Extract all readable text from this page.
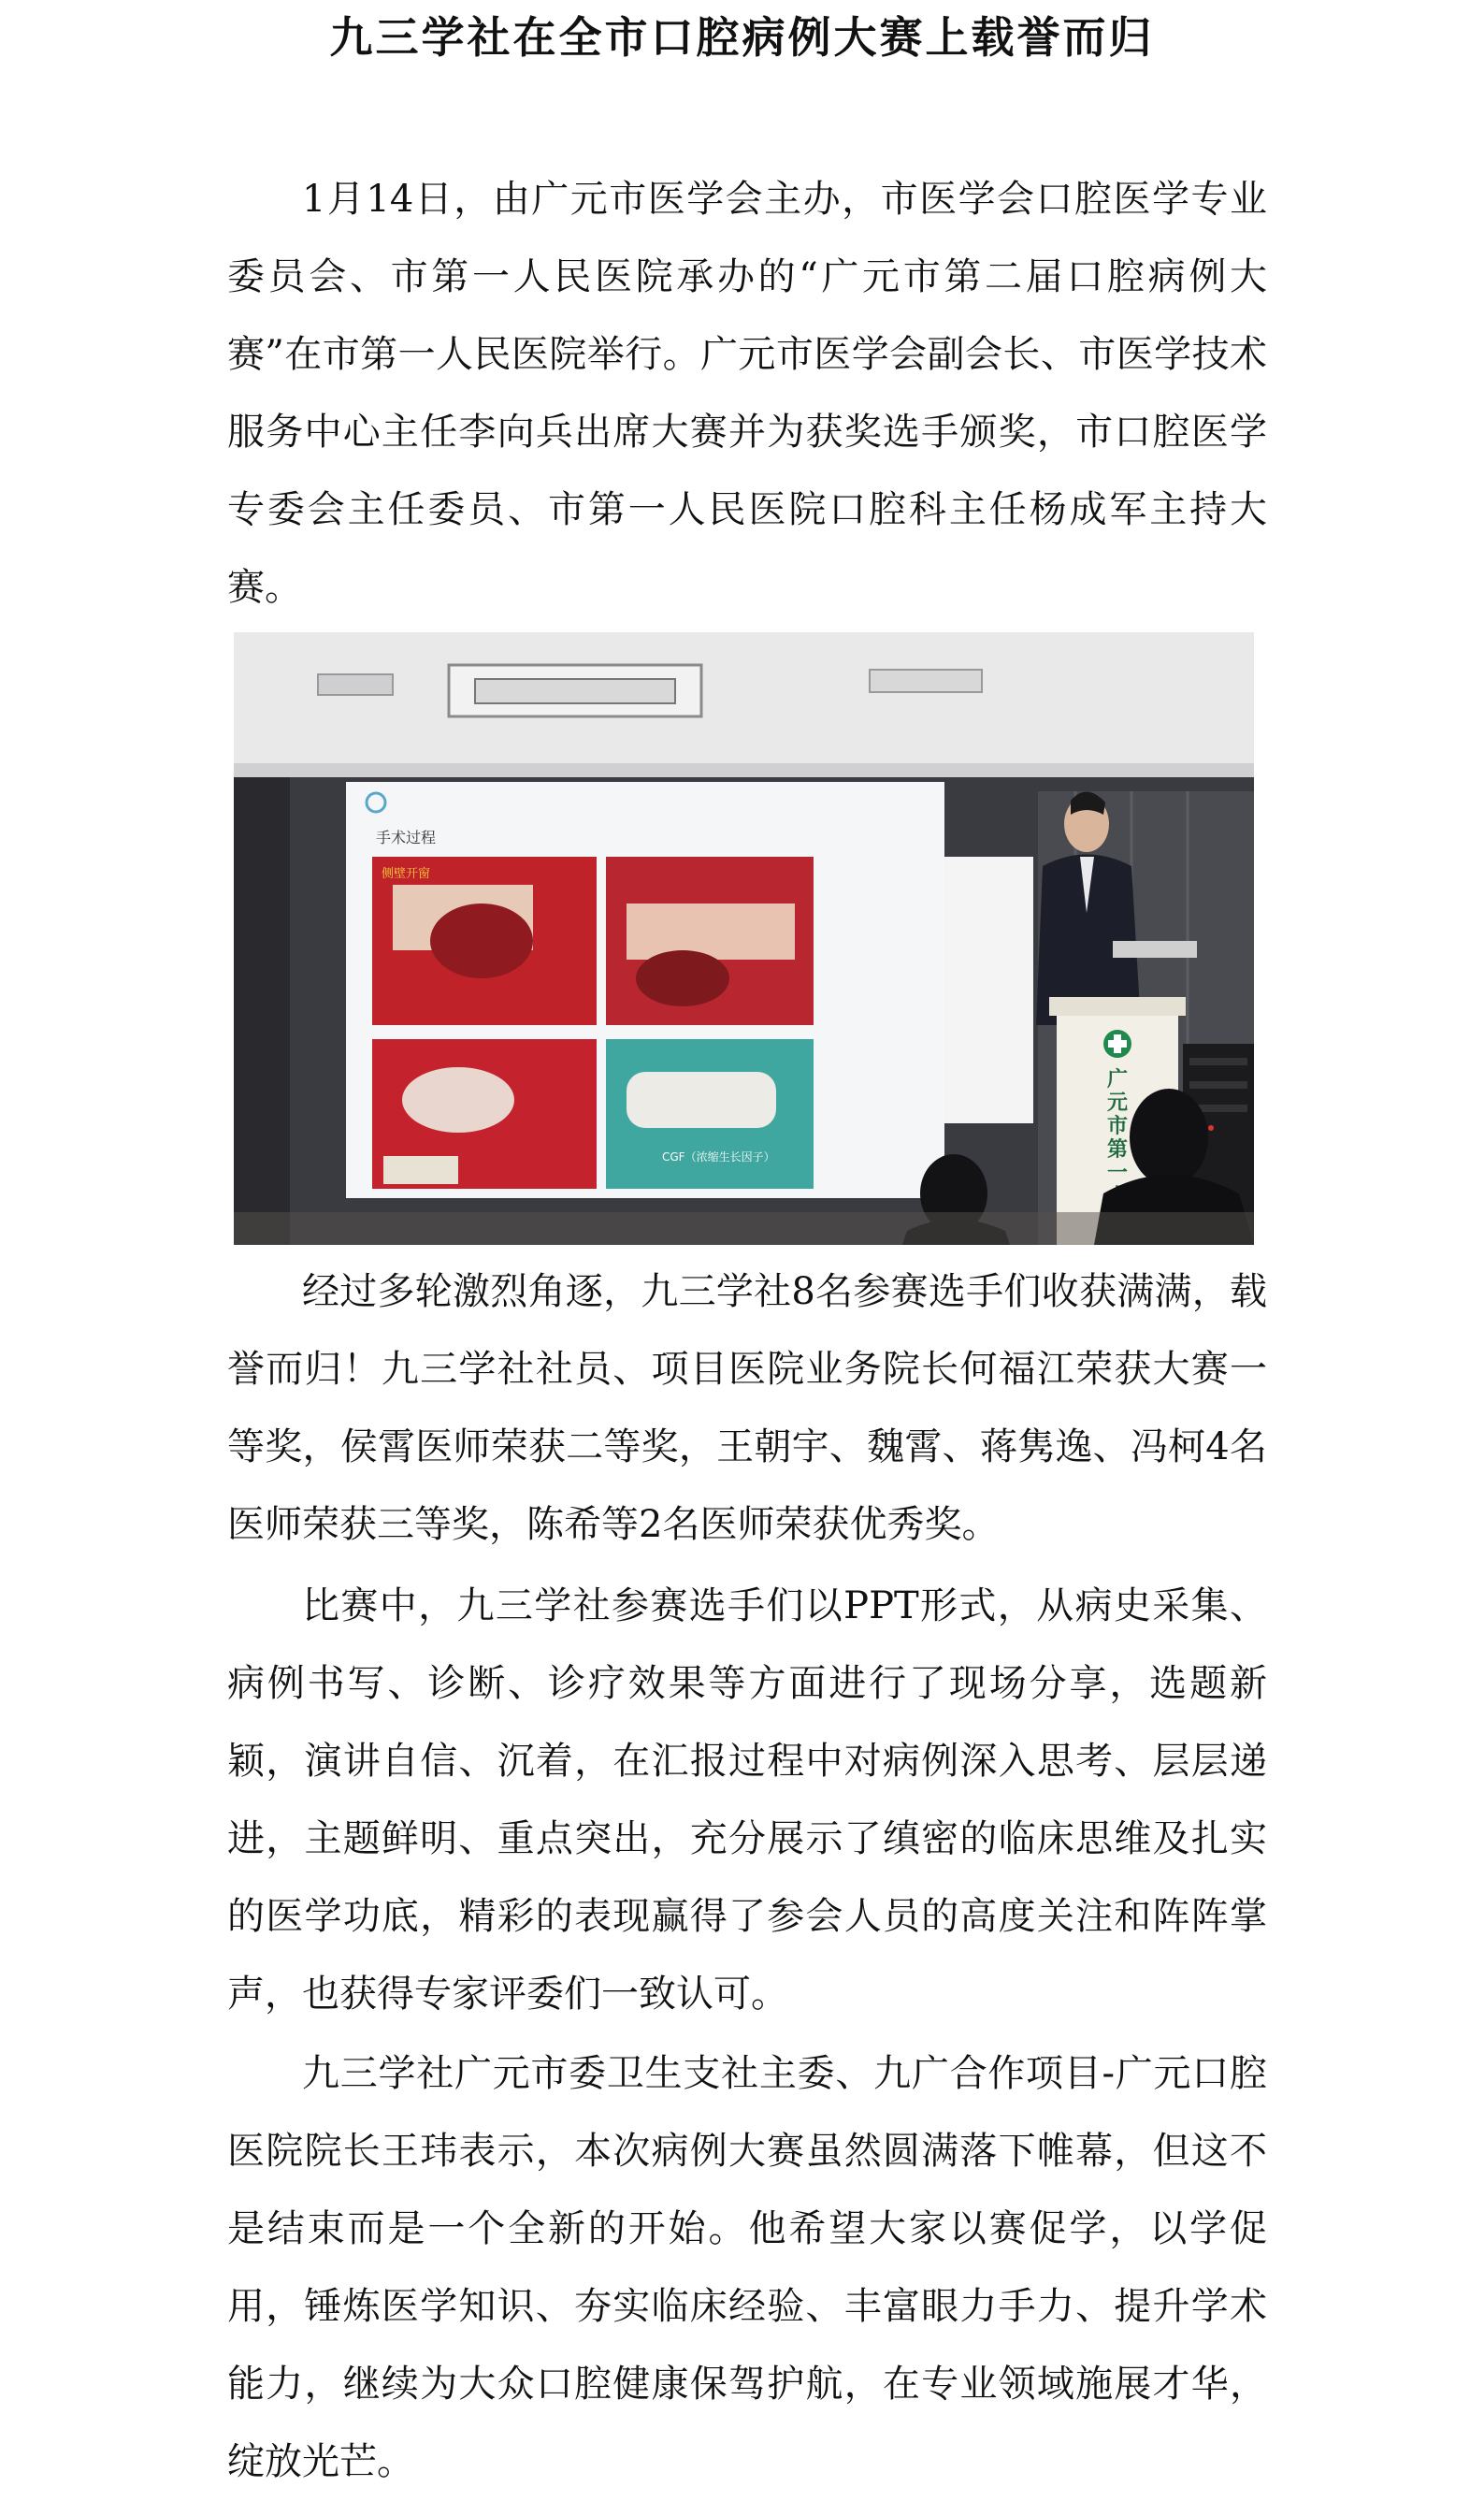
九三学社在全市口腔病例大赛上载誉而归

1月14日，由广元市医学会主办，市医学会口腔医学专业委员会、市第一人民医院承办的“广元市第二届口腔病例大赛”在市第一人民医院举行。广元市医学会副会长、市医学技术服务中心主任李向兵出席大赛并为获奖选手颁奖，市口腔医学专委会主任委员、市第一人民医院口腔科主任杨成军主持大赛。

手术过程
侧壁开窗
CGF（浓缩生长因子）
广
元
市
第
一

经过多轮激烈角逐，九三学社8名参赛选手们收获满满，载誉而归！九三学社社员、项目医院业务院长何福江荣获大赛一等奖，侯霄医师荣获二等奖，王朝宇、魏霄、蒋隽逸、冯柯4名医师荣获三等奖，陈希等2名医师荣获优秀奖。

比赛中，九三学社参赛选手们以PPT形式，从病史采集、病例书写、诊断、诊疗效果等方面进行了现场分享，选题新颖，演讲自信、沉着，在汇报过程中对病例深入思考、层层递进，主题鲜明、重点突出，充分展示了缜密的临床思维及扎实的医学功底，精彩的表现赢得了参会人员的高度关注和阵阵掌声，也获得专家评委们一致认可。

九三学社广元市委卫生支社主委、九广合作项目-广元口腔医院院长王玮表示，本次病例大赛虽然圆满落下帷幕，但这不是结束而是一个全新的开始。他希望大家以赛促学，以学促用，锤炼医学知识、夯实临床经验、丰富眼力手力、提升学术能力，继续为大众口腔健康保驾护航，在专业领域施展才华，绽放光芒。
